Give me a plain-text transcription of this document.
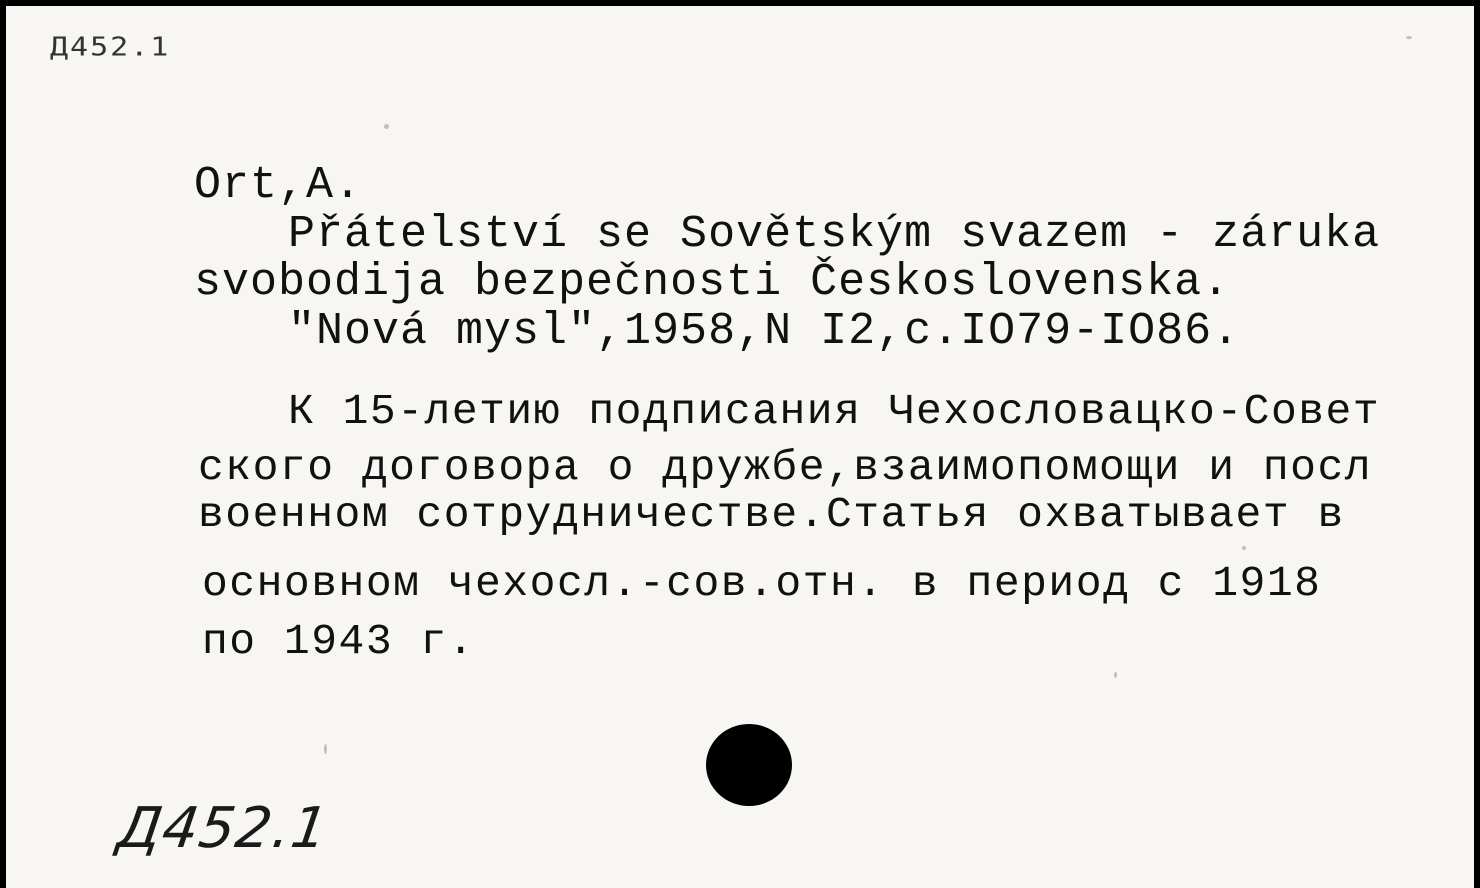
Д452.1
Ort,A.
Přátelství se Sovětským svazem - záruka
svobodija bezpečnosti Československa.
"Nová mysl",1958,N I2,c.IO79-IO86.
К 15-летию подписания Чехословацко-Совет
ского договора о дружбе,взаимопомощи и посл
военном сотрудничестве.Статья охватывает в
основном чехосл.-сов.отн. в период с 1918
по 1943 г.
Д452.1
